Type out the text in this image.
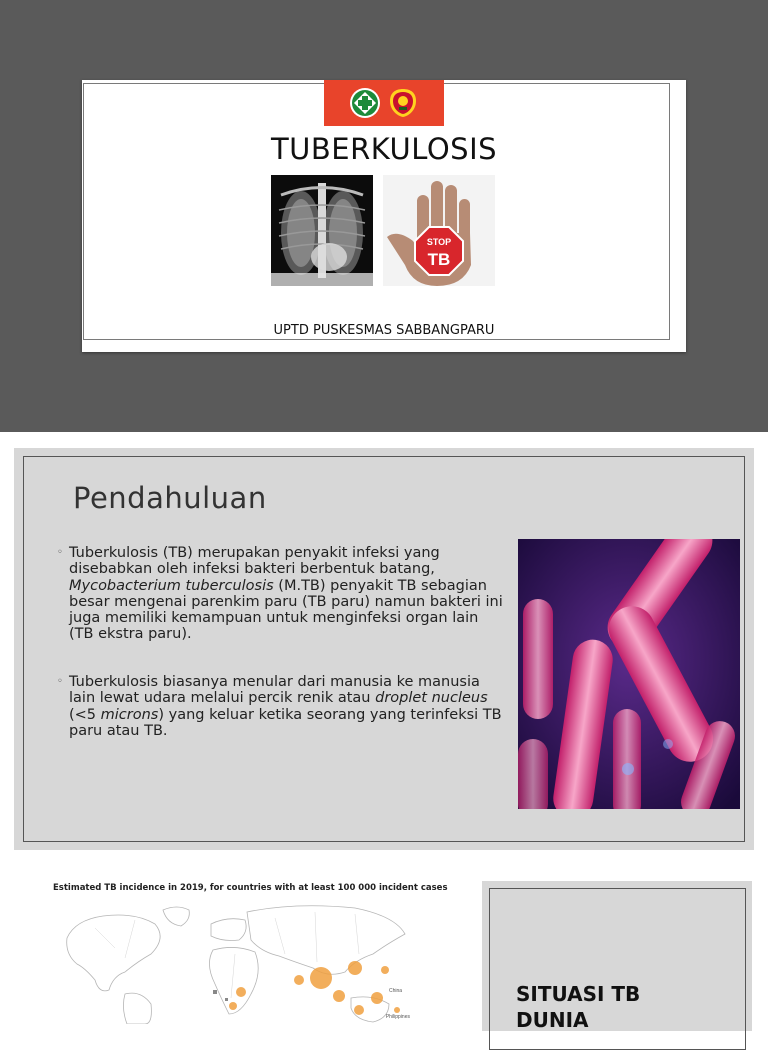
TUBERKULOSIS
STOP
TB
UPTD PUSKESMAS SABBANGPARU
Pendahuluan
◦ Tuberkulosis (TB) merupakan penyakit infeksi yang disebabkan oleh infeksi bakteri berbentuk batang, Mycobacterium tuberculosis (M.TB) penyakit TB sebagian besar mengenai parenkim paru (TB paru) namun bakteri ini juga memiliki kemampuan untuk menginfeksi organ lain (TB ekstra paru).
◦ Tuberkulosis biasanya menular dari manusia ke manusia lain lewat udara melalui percik renik atau droplet nucleus (<5 microns) yang keluar ketika seorang yang terinfeksi TB paru atau TB.
Estimated TB incidence in 2019, for countries with at least 100 000 incident cases
China
Philippines
SITUASI TB DUNIA
